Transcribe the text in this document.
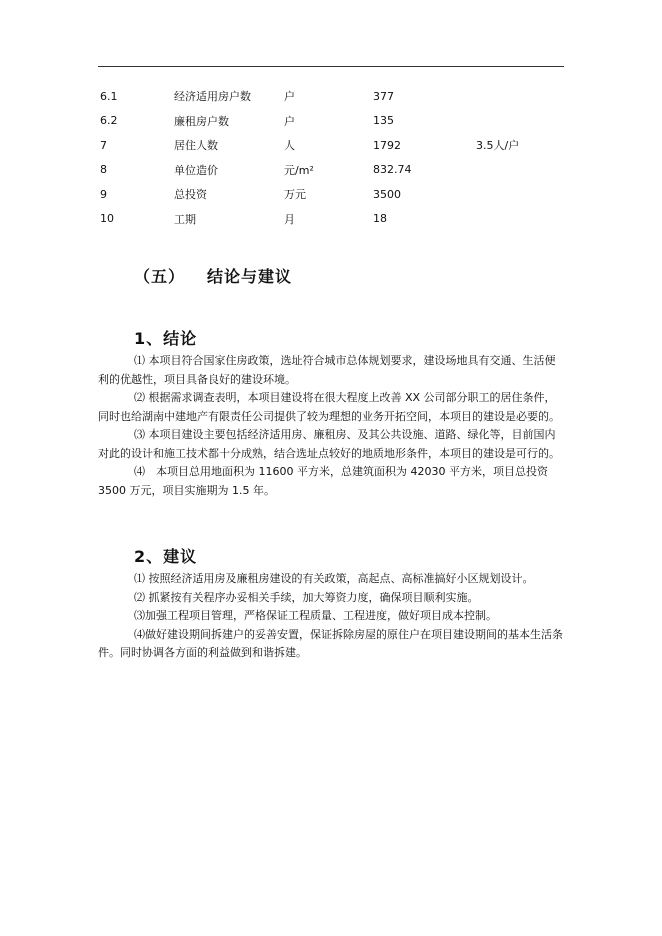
6.1	经济适用房户数	户	377	
6.2	廉租房户数	户	135	
7	居住人数	人	1792	3.5人/户
8	单位造价	元/m²	832.74	
9	总投资	万元	3500	
10	工期	月	18	
（五） 结论与建议
1、结论

⑴ 本项目符合国家住房政策，选址符合城市总体规划要求，建设场地具有交通、生活便利的优越性，项目具备良好的建设环境。

⑵ 根据需求调查表明，本项目建设将在很大程度上改善 XX 公司部分职工的居住条件，同时也给湖南中建地产有限责任公司提供了较为理想的业务开拓空间，本项目的建设是必要的。

⑶ 本项目建设主要包括经济适用房、廉租房、及其公共设施、道路、绿化等，目前国内对此的设计和施工技术都十分成熟，结合选址点较好的地质地形条件，本项目的建设是可行的。

⑷　本项目总用地面积为 11600 平方米，总建筑面积为 42030 平方米，项目总投资 3500 万元，项目实施期为 1.5 年。

2、建议

⑴ 按照经济适用房及廉租房建设的有关政策，高起点、高标准搞好小区规划设计。

⑵ 抓紧按有关程序办妥相关手续，加大筹资力度，确保项目顺利实施。

⑶加强工程项目管理，严格保证工程质量、工程进度，做好项目成本控制。

⑷做好建设期间拆建户的妥善安置，保证拆除房屋的原住户在项目建设期间的基本生活条件。同时协调各方面的利益做到和谐拆建。
